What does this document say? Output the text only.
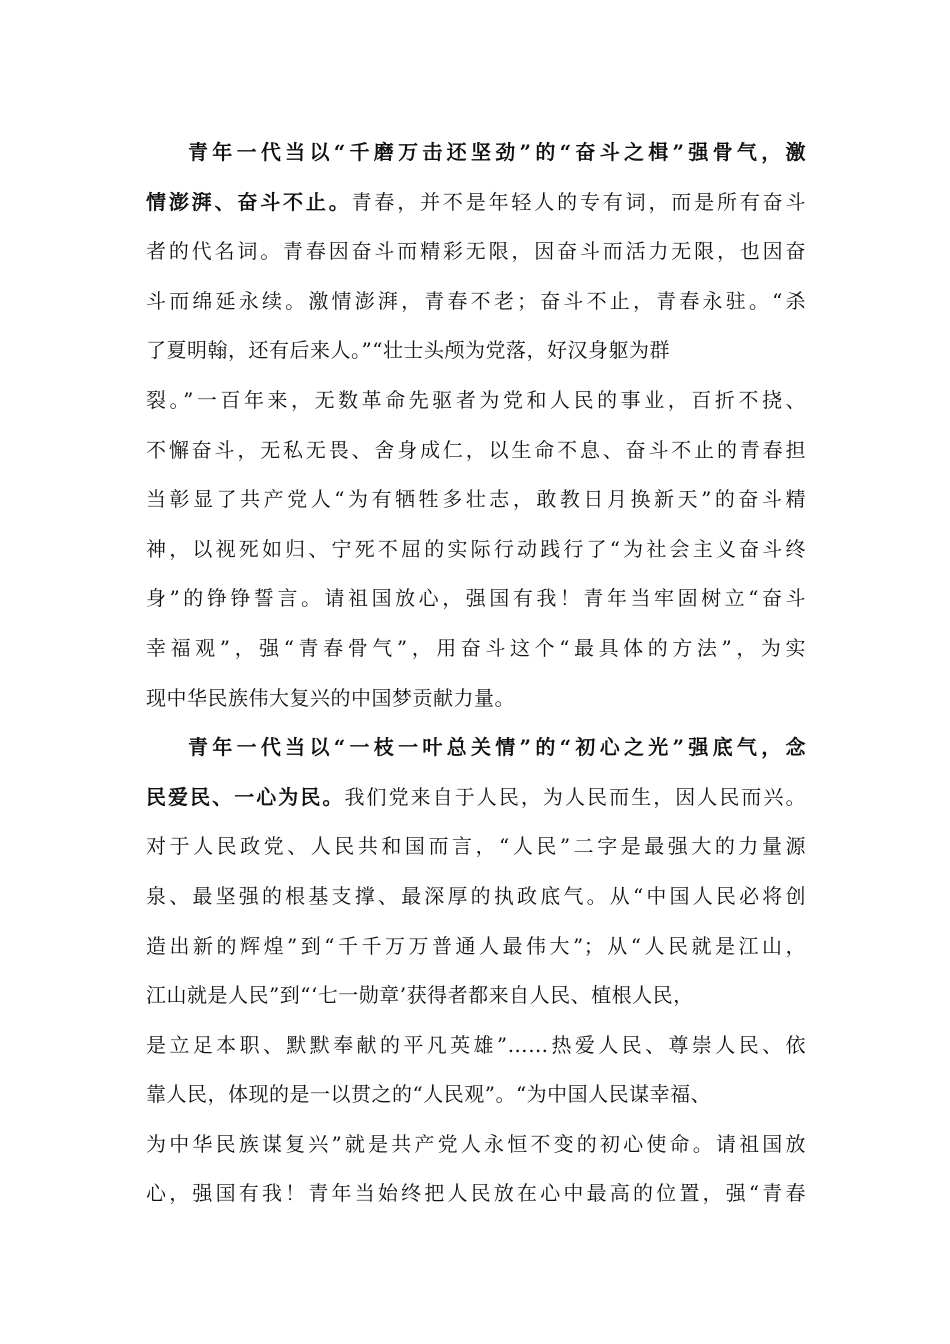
青年一代当以“千磨万击还坚劲”的“奋斗之楫”强骨气，激
情澎湃、奋斗不止。青春，并不是年轻人的专有词，而是所有奋斗
者的代名词。青春因奋斗而精彩无限，因奋斗而活力无限，也因奋
斗而绵延永续。激情澎湃，青春不老；奋斗不止，青春永驻。“杀
了夏明翰，还有后来人。”“壮士头颅为党落，好汉身躯为群
裂。”一百年来，无数革命先驱者为党和人民的事业，百折不挠、
不懈奋斗，无私无畏、舍身成仁，以生命不息、奋斗不止的青春担
当彰显了共产党人“为有牺牲多壮志，敢教日月换新天”的奋斗精
神，以视死如归、宁死不屈的实际行动践行了“为社会主义奋斗终
身”的铮铮誓言。请祖国放心，强国有我！青年当牢固树立“奋斗
幸福观”，强“青春骨气”，用奋斗这个“最具体的方法”，为实
现中华民族伟大复兴的中国梦贡献力量。
青年一代当以“一枝一叶总关情”的“初心之光”强底气，念
民爱民、一心为民。我们党来自于人民，为人民而生，因人民而兴。
对于人民政党、人民共和国而言，“人民”二字是最强大的力量源
泉、最坚强的根基支撑、最深厚的执政底气。从“中国人民必将创
造出新的辉煌”到“千千万万普通人最伟大”；从“人民就是江山，
江山就是人民”到“‘七一勋章’获得者都来自人民、植根人民，
是立足本职、默默奉献的平凡英雄”……热爱人民、尊崇人民、依
靠人民，体现的是一以贯之的“人民观”。“为中国人民谋幸福、
为中华民族谋复兴”就是共产党人永恒不变的初心使命。请祖国放
心，强国有我！青年当始终把人民放在心中最高的位置，强“青春
